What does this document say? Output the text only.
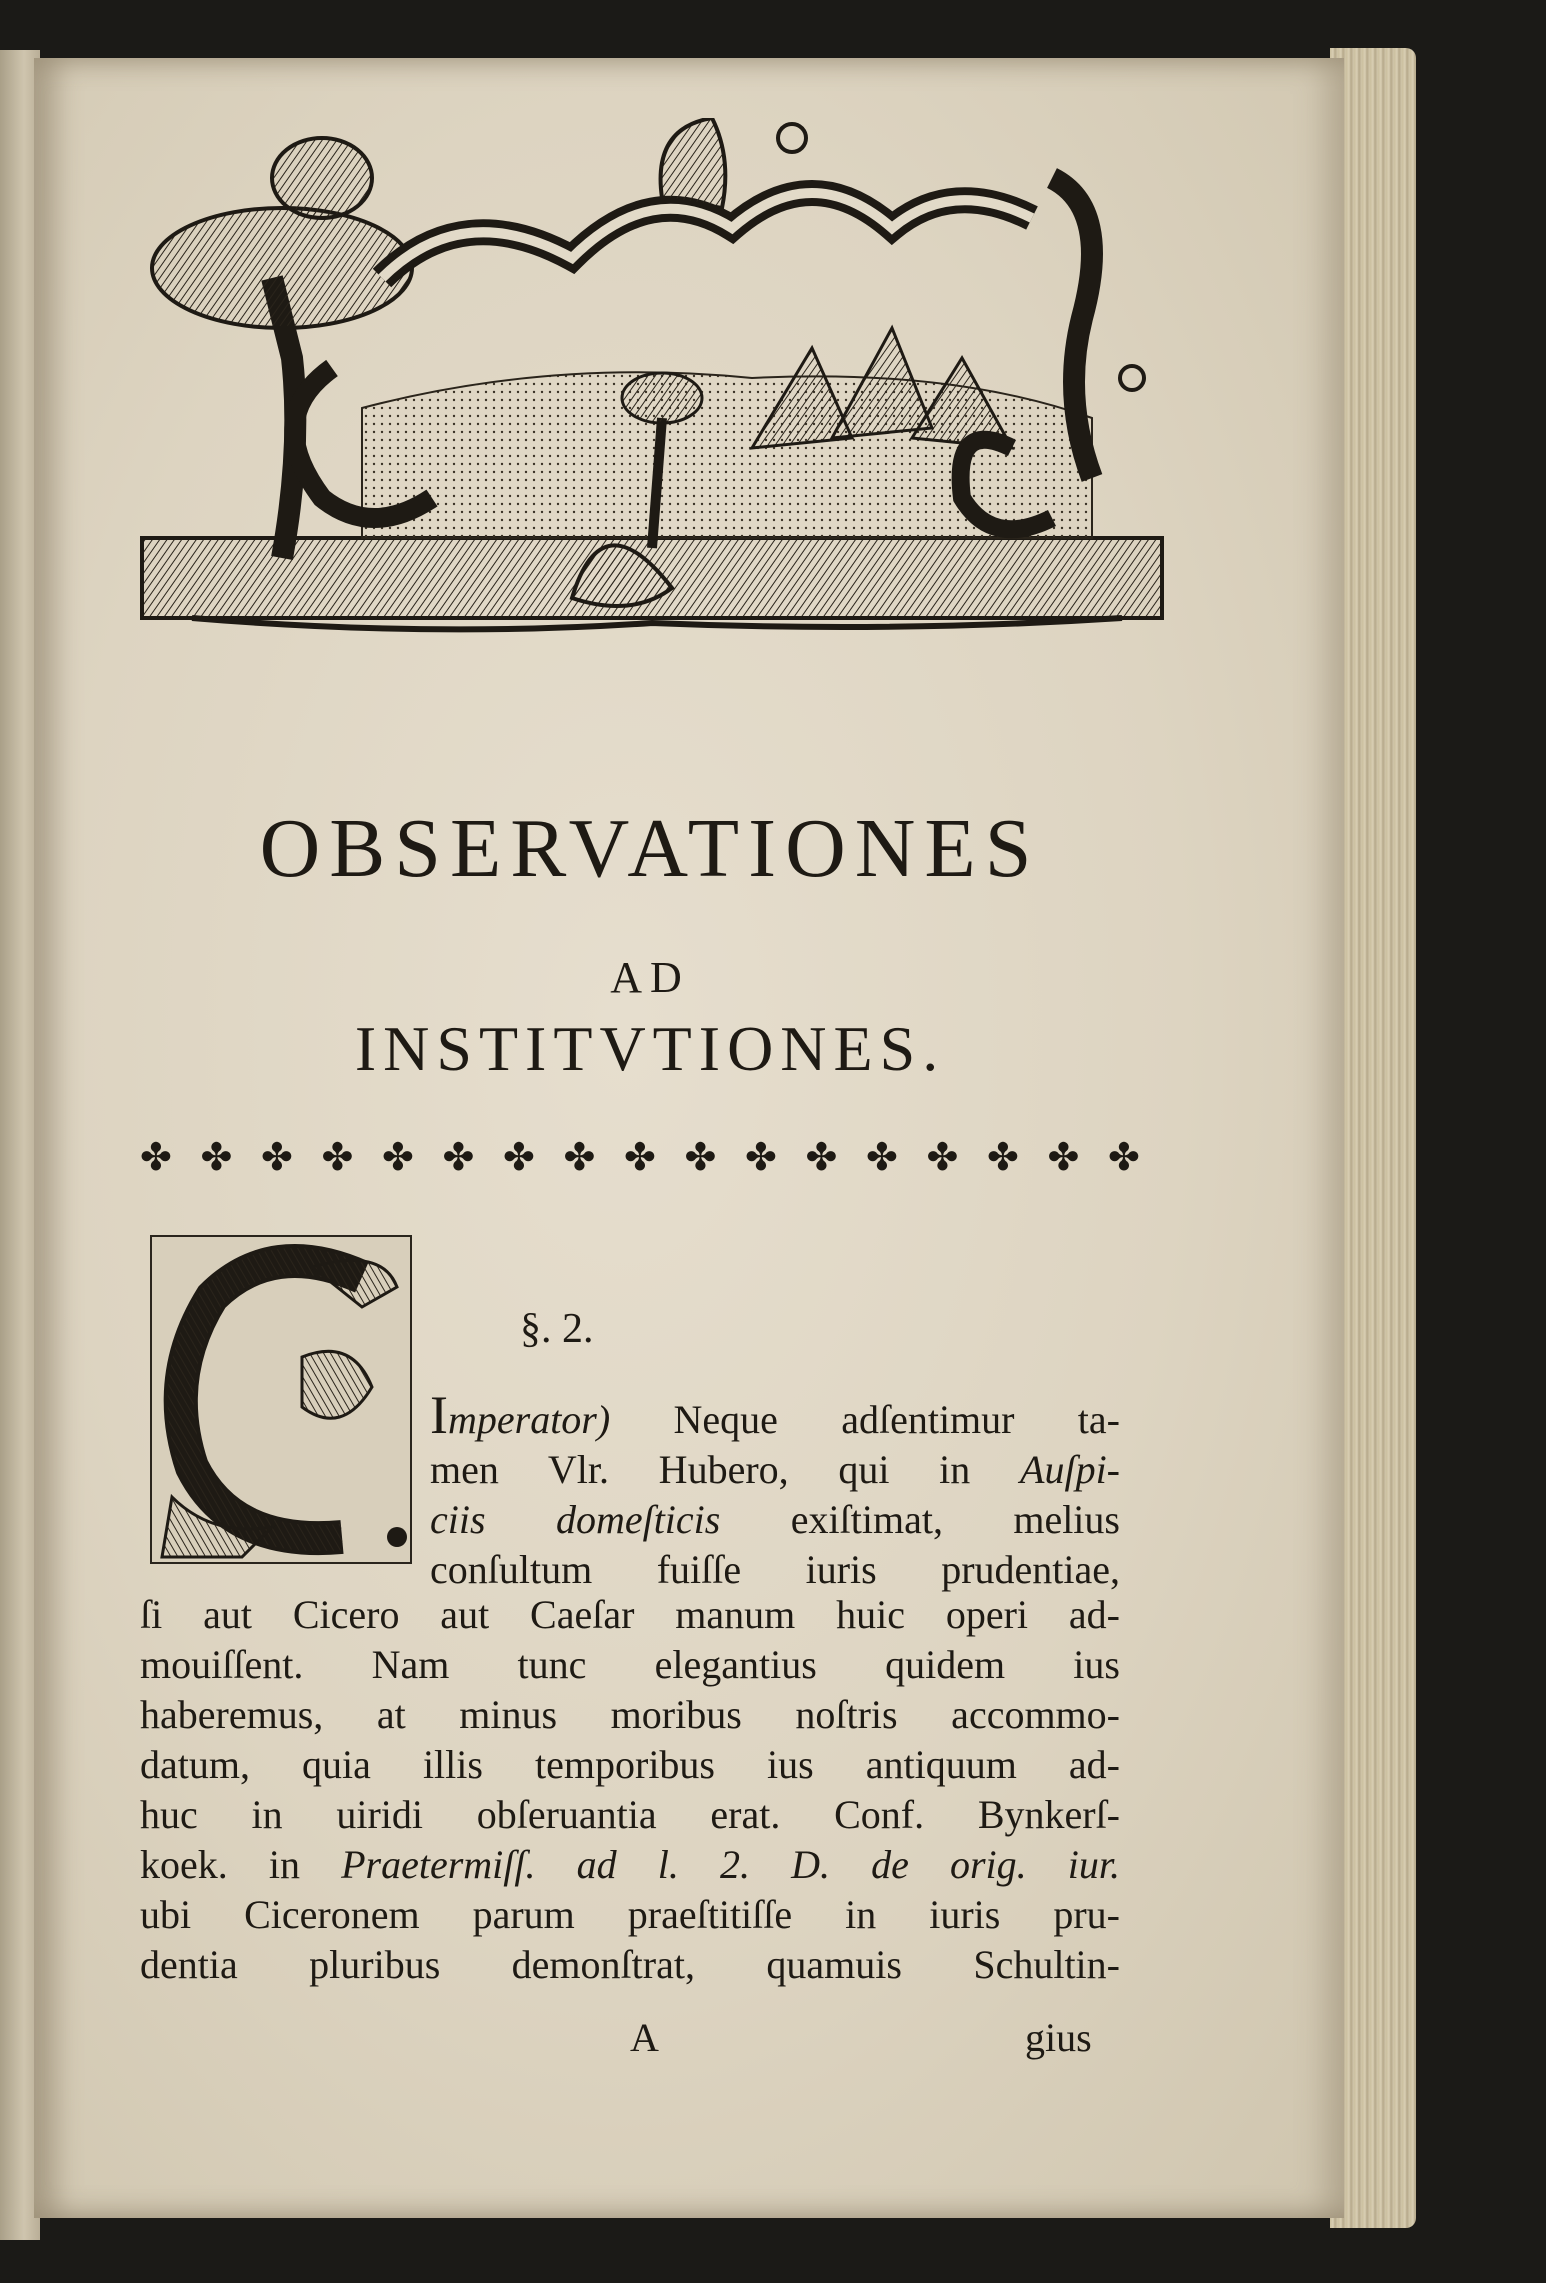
OBSERVATIONES
AD
INSTITVTIONES.
✤ ✤ ✤ ✤ ✤ ✤ ✤ ✤ ✤ ✤ ✤ ✤ ✤ ✤ ✤ ✤ ✤
§. 2.
Imperator) Neque adſentimur ta-
men Vlr. Hubero, qui in Auſpi-
ciis domeſticis exiſtimat, melius
conſultum fuiſſe iuris prudentiae,
ſi aut Cicero aut Caeſar manum huic operi ad-
mouiſſent. Nam tunc elegantius quidem ius
haberemus, at minus moribus noſtris accommo-
datum, quia illis temporibus ius antiquum ad-
huc in uiridi obſeruantia erat. Conf. Bynkerſ-
koek. in Praetermiſſ. ad l. 2. D. de orig. iur.
ubi Ciceronem parum praeſtitiſſe in iuris pru-
dentia pluribus demonſtrat, quamuis Schultin-
A	gius
